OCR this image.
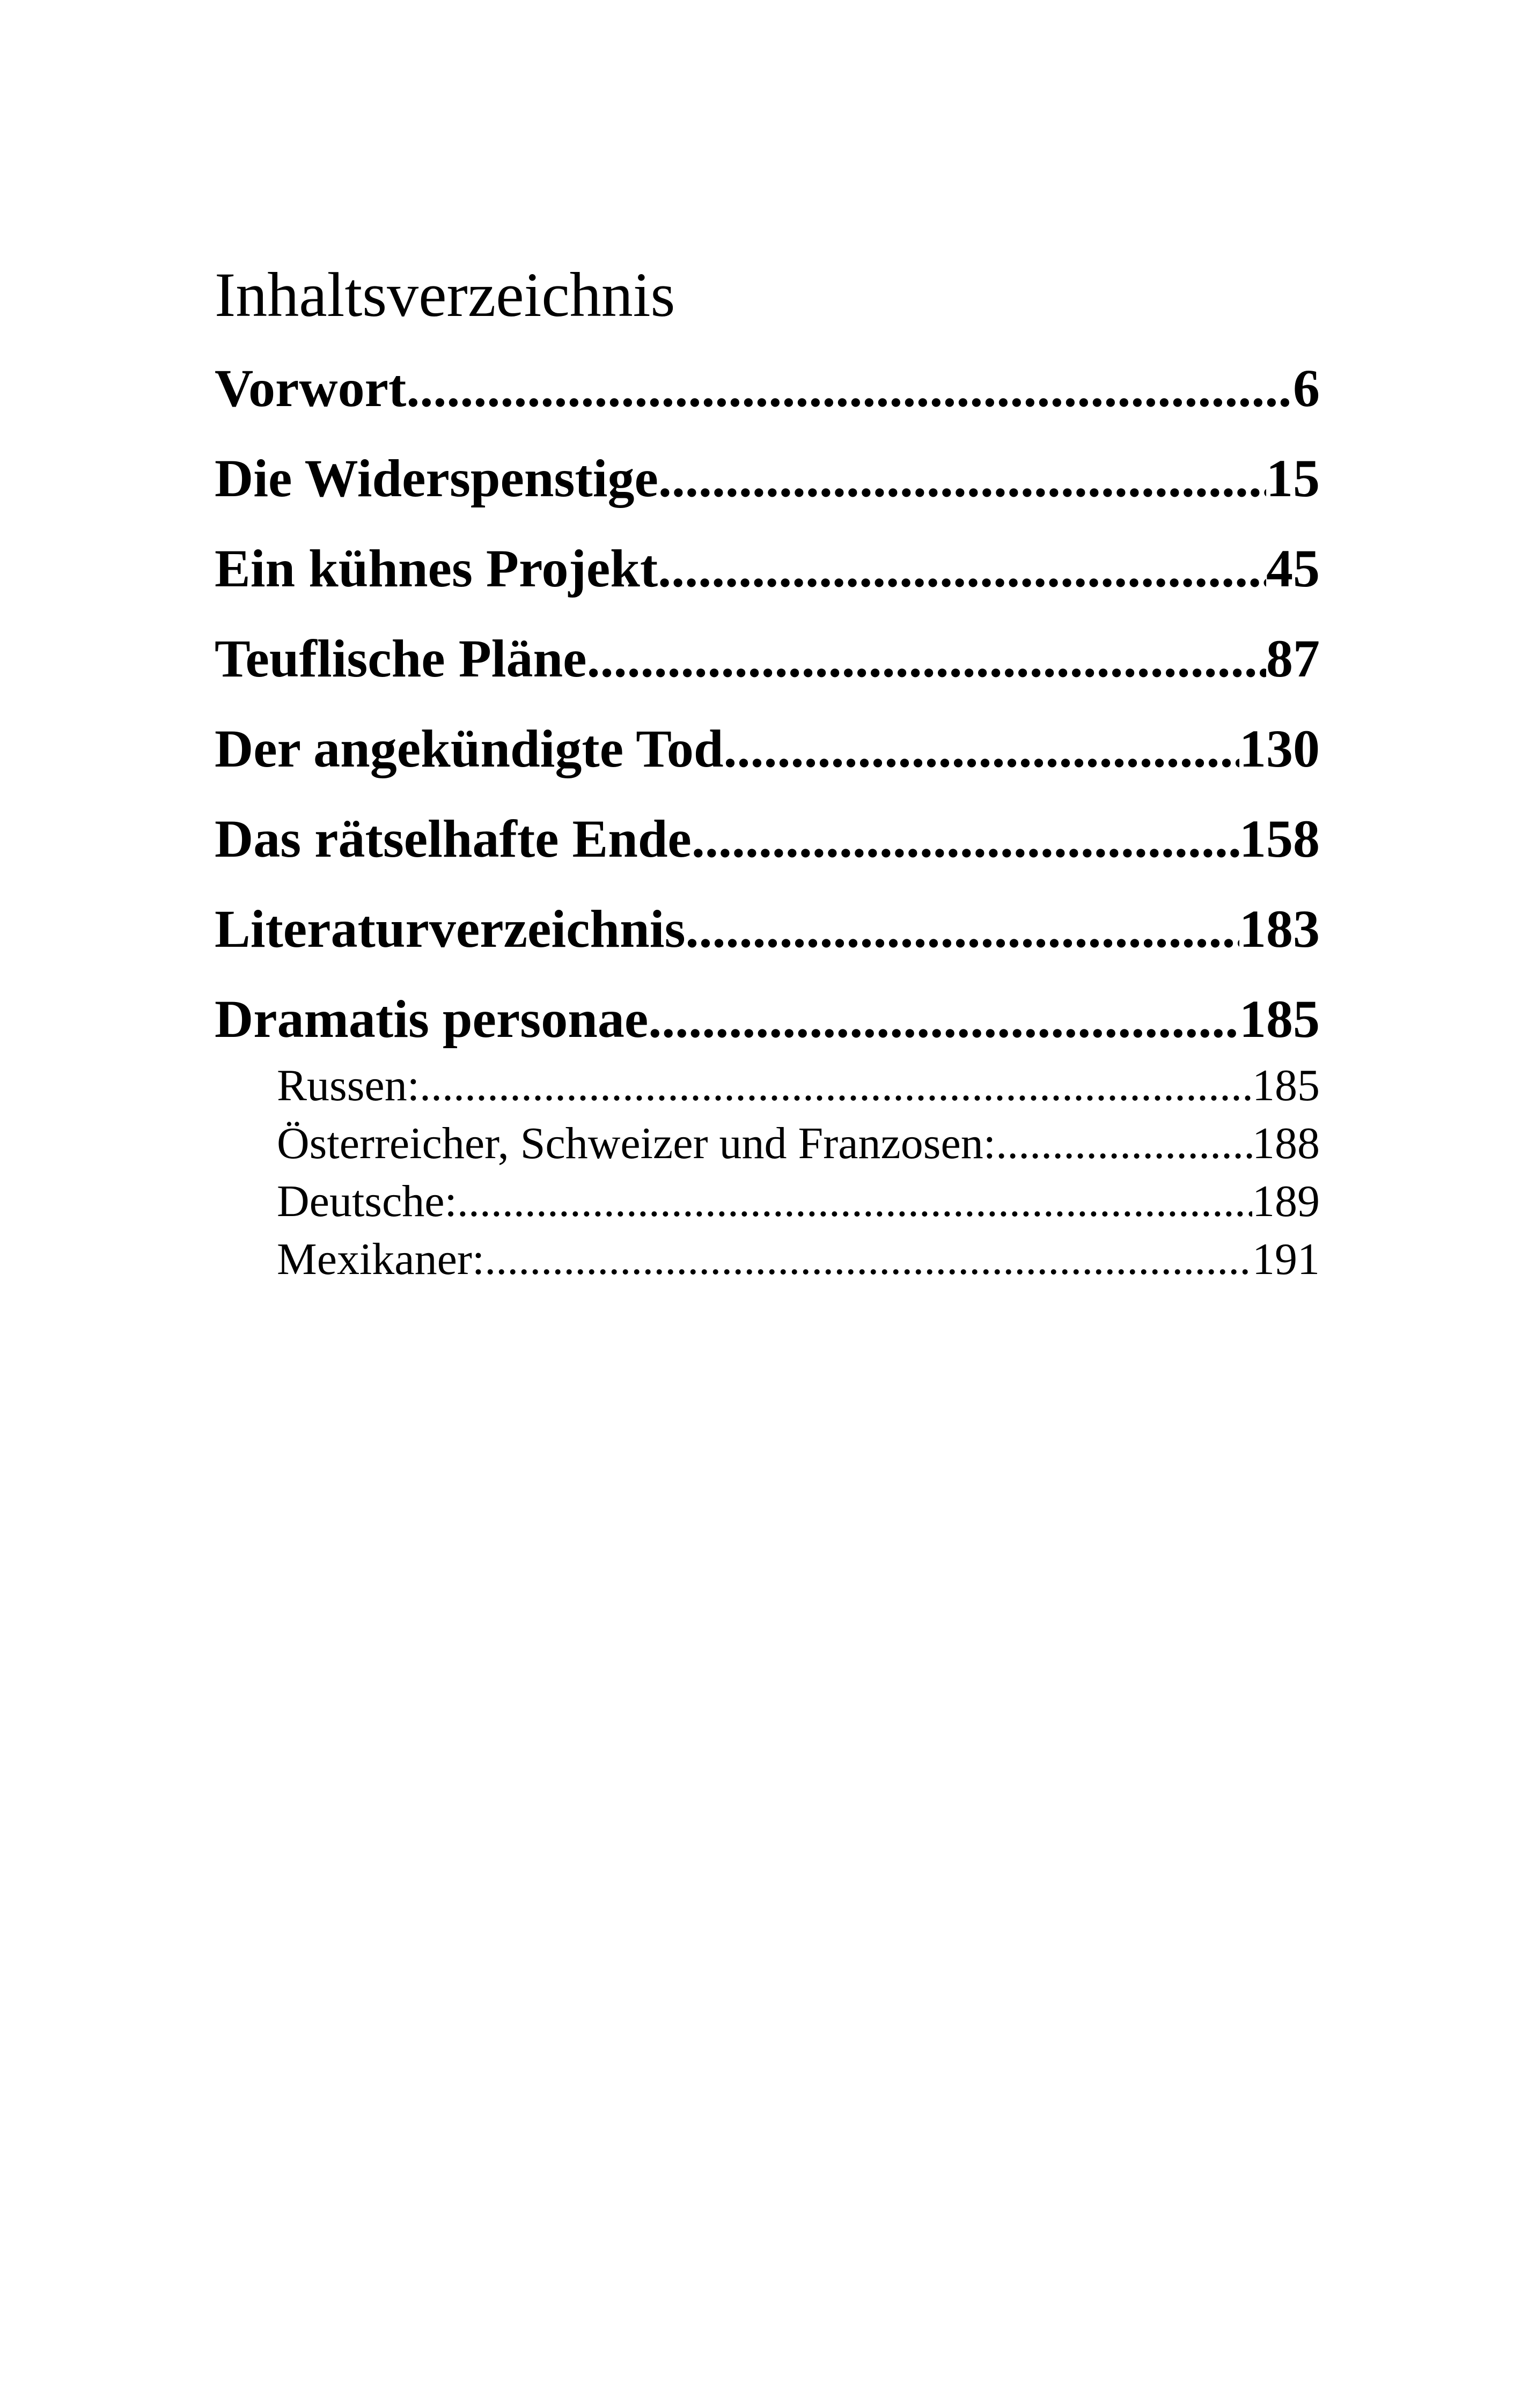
Inhaltsverzeichnis
Vorwort .....	6
Die Widerspenstige .....	15
Ein kühnes Projekt .....	45
Teuflische Pläne .....	87
Der angekündigte Tod .....	130
Das rätselhafte Ende .....	158
Literaturverzeichnis .....	183
Dramatis personae .....	185
Russen: .....	185
Österreicher, Schweizer und Franzosen: .....	188
Deutsche: .....	189
Mexikaner: .....	191
